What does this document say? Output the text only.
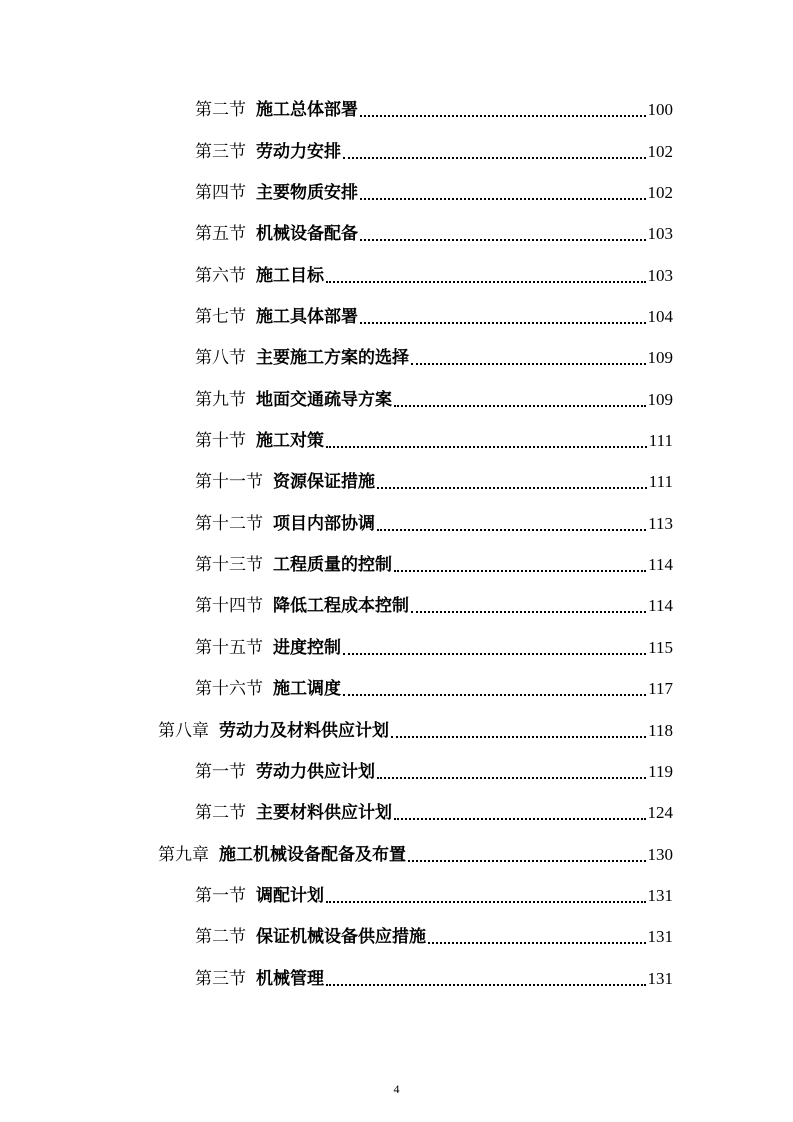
第二节 施工总体部署	100
第三节 劳动力安排	102
第四节 主要物质安排	102
第五节 机械设备配备	103
第六节 施工目标	103
第七节 施工具体部署	104
第八节 主要施工方案的选择	109
第九节 地面交通疏导方案	109
第十节 施工对策	111
第十一节 资源保证措施	111
第十二节 项目内部协调	113
第十三节 工程质量的控制	114
第十四节 降低工程成本控制	114
第十五节 进度控制	115
第十六节 施工调度	117
第八章 劳动力及材料供应计划	118
第一节 劳动力供应计划	119
第二节 主要材料供应计划	124
第九章 施工机械设备配备及布置	130
第一节 调配计划	131
第二节 保证机械设备供应措施	131
第三节 机械管理	131
4
